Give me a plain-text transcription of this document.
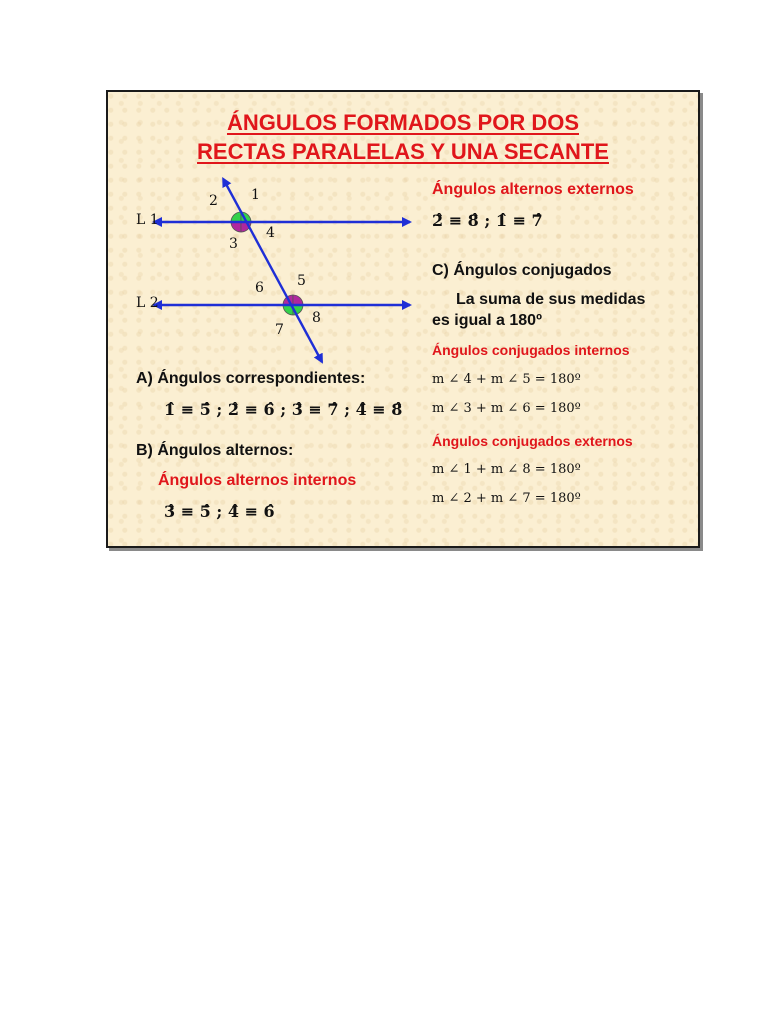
ÁNGULOS FORMADOS POR DOS
RECTAS PARALELAS Y UNA SECANTE
L 1
L 2
1
2
3
4
5
6
7
8
A) Ángulos correspondientes:
1̂ ≡ 5̂ ; 2̂ ≡ 6̂ ; 3̂ ≡ 7̂ ; 4̂ ≡ 8̂
B) Ángulos alternos:
Ángulos alternos internos
3̂ ≡ 5̂ ; 4̂ ≡ 6̂
Ángulos alternos externos
2̂ ≡ 8̂ ; 1̂ ≡ 7̂
C) Ángulos conjugados
La suma de sus medidas
es igual a 180º
Ángulos conjugados internos
m ∠ 4 + m ∠ 5 = 180º
m ∠ 3 + m ∠ 6 = 180º
Ángulos conjugados externos
m ∠ 1 + m ∠ 8 = 180º
m ∠ 2 + m ∠ 7 = 180º
